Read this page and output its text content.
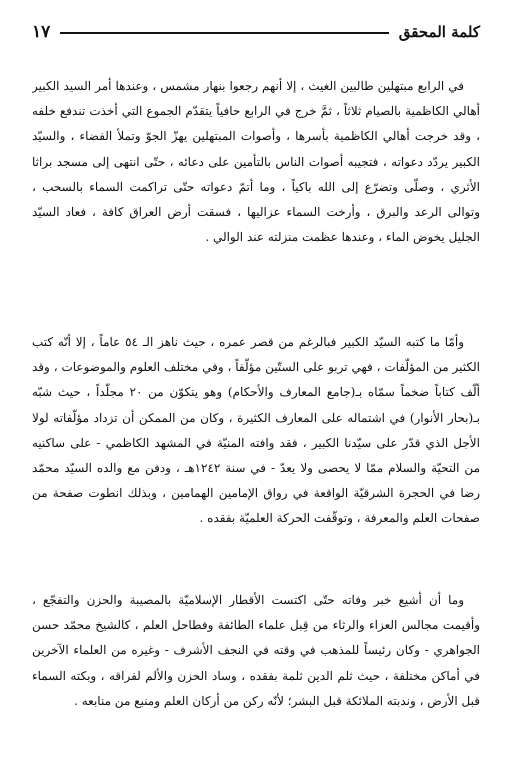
كلمة المحقق
١٧

في الرابع مبتهلين طالبين الغيث ، إلا أنهم رجعوا بنهار مشمس ، وعندها أمر السيد الكبير أهالي الكاظمية بالصيام ثلاثاً ، ثمَّ خرج في الرابع حافياً يتقدّم الجموع التي أخذت تندفع خلفه ، وقد خرجت أهالي الكاظمية بأسرها ، وأصوات المبتهلين يهزّ الجوّ وتملأ الفضاء ، والسيّد الكبير يردّد دعواته ، فتجيبه أصوات الناس بالتأمين على دعائه ، حتّى انتهى إلى مسجد براثا الأثري ، وصلّى وتضرّع إلى الله باكياً ، وما أتمّ دعواته حتّى تراكمت السماء بالسحب ، وتوالى الرعد والبرق ، وأرخت السماء عزاليها ، فسقت أرض العراق كافة ، فعاد السيّد الجليل يخوض الماء ، وعندها عظمت منزلته عند الوالي .

وأمّا ما كتبه السيّد الكبير فبالرغم من قصر عمره ، حيث ناهز الـ ٥٤ عاماً ، إلا أنّه كتب الكثير من المؤلّفات ، فهي تربو على الستّين مؤلّفاً ، وفي مختلف العلوم والموضوعات ، وقد ألّف كتاباً ضخماً سمّاه بـ(جامع المعارف والأحكام) وهو يتكوّن من ٢٠ مجلّداً ، حيث شبّه بـ(بحار الأنوار) في اشتماله على المعارف الكثيرة ، وكان من الممكن أن تزداد مؤلّفاته لولا الأجل الذي قدّر على سيّدنا الكبير ، فقد وافته المنيّة في المشهد الكاظمي - على ساكنيه من التحيّة والسلام ممّا لا يحصى ولا يعدّ - في سنة ١٢٤٢هـ ، ودفن مع والده السيّد محمّد رضا في الحجرة الشرقيّة الواقعة في رواق الإمامين الهمامين ، وبذلك انطوت صفحة من صفحات العلم والمعرفة ، وتوقّفت الحركة العلميّة بفقده .

وما أن أشيع خبر وفاته حتّى اكتست الأقطار الإسلاميّة بالمصيبة والحزن والتفجّع ، وأقيمت مجالس العزاء والرثاء من قِبل علماء الطائفة وفطاحل العلم ، كالشيخ محمّد حسن الجواهري - وكان رئيساً للمذهب في وقته في النجف الأشرف - وغيره من العلماء الآخرين في أماكن مختلفة ، حيث ثلم الدين ثلمة بفقده ، وساد الحزن والألم لفراقه ، وبكته السماء قبل الأرض ، وندبته الملائكة قبل البشر؛ لأنّه ركن من أركان العلم ومنبع من منابعه .
